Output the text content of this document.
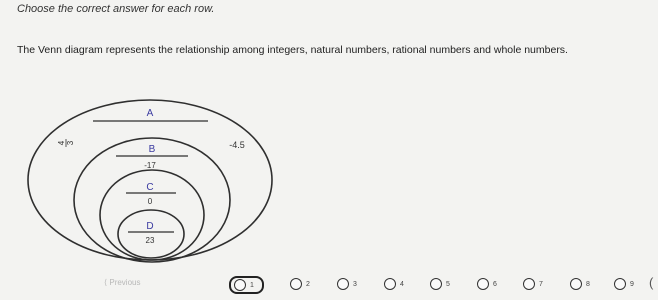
Choose the correct answer for each row.
The Venn diagram represents the relationship among integers, natural numbers, rational numbers and whole numbers.
A
4 3	-4.5
B
-17
C
0
D
23
⟨ Previous	1	2	3	4	5	6	7	8	9 (
